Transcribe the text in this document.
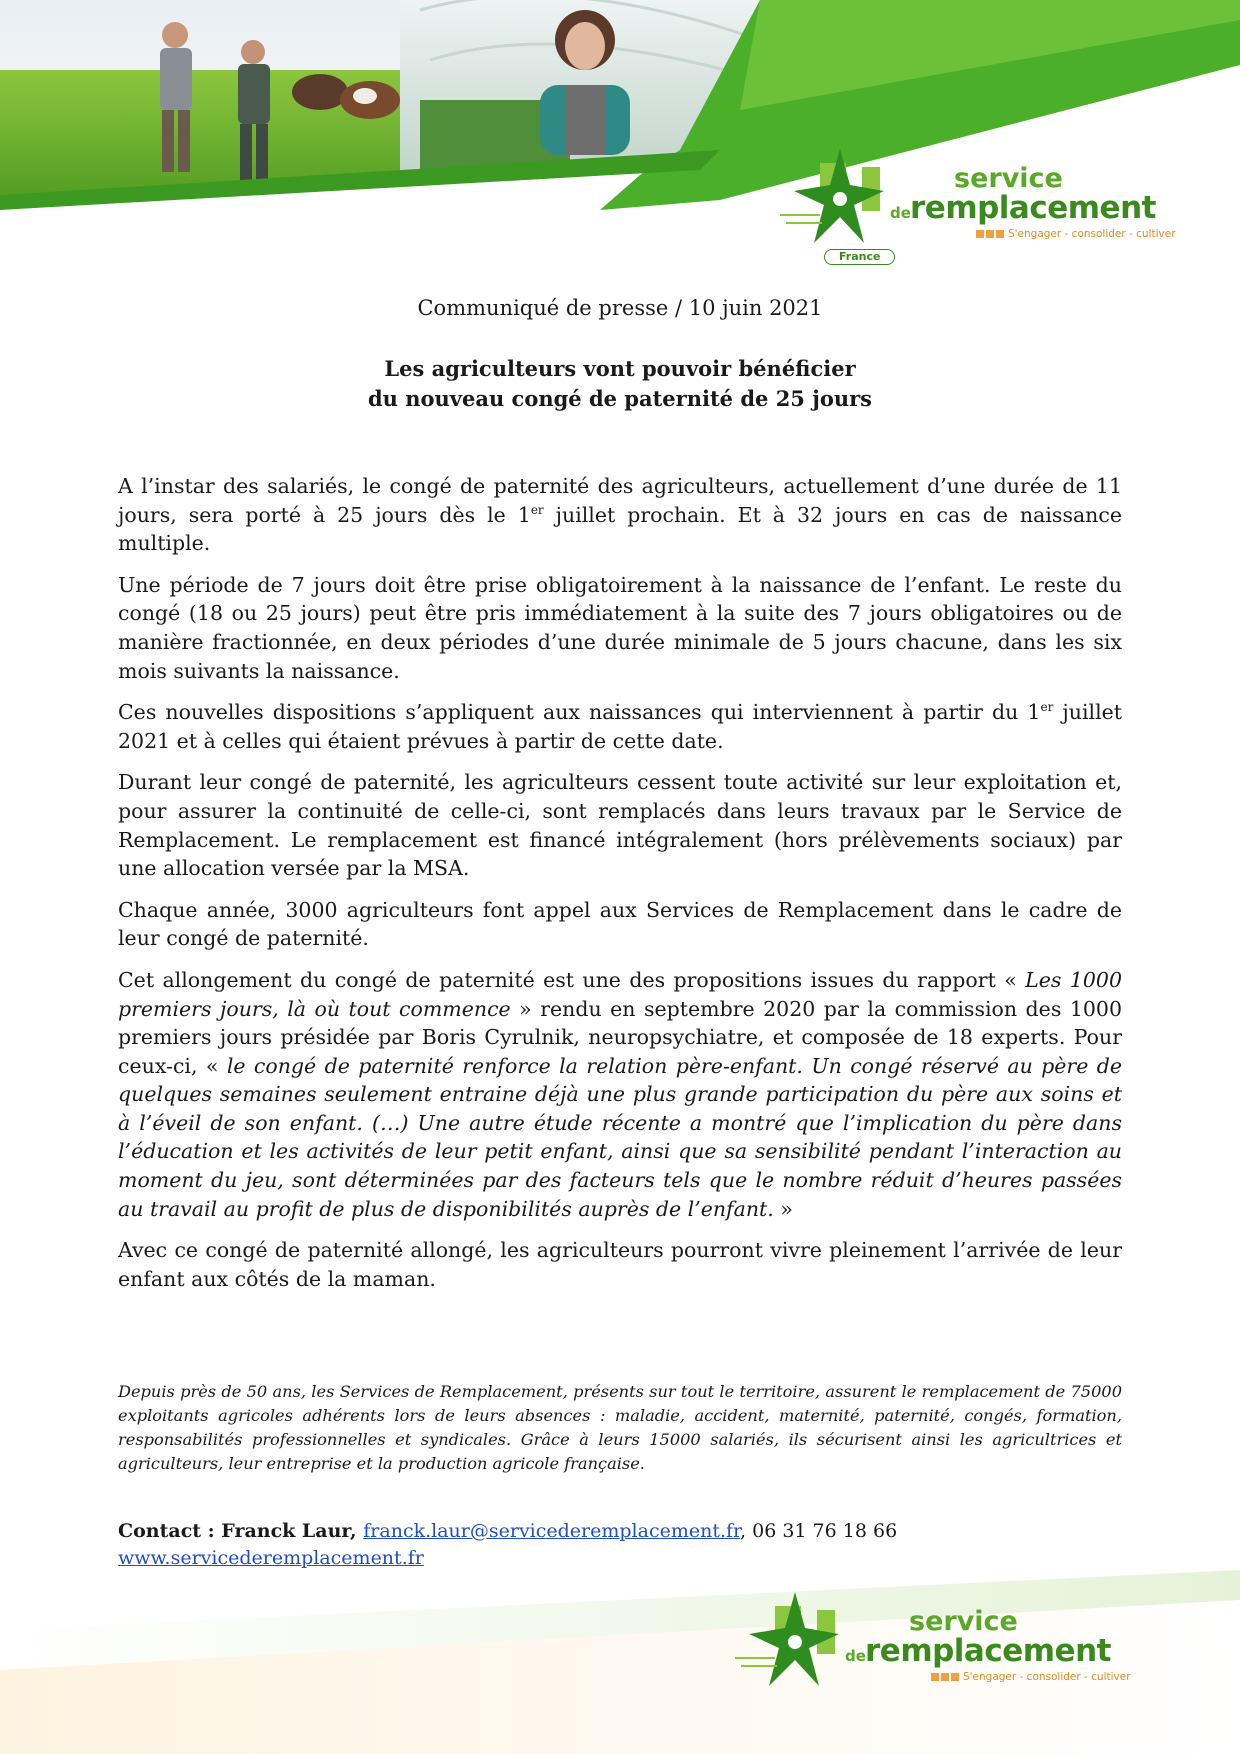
service
de remplacement
S'engager - consolider - cultiver
France
Communiqué de presse / 10 juin 2021
Les agriculteurs vont pouvoir bénéficier
du nouveau congé de paternité de 25 jours

A l’instar des salariés, le congé de paternité des agriculteurs, actuellement d’une durée de 11 jours, sera porté à 25 jours dès le 1er juillet prochain. Et à 32 jours en cas de naissance multiple.

Une période de 7 jours doit être prise obligatoirement à la naissance de l’enfant. Le reste du congé (18 ou 25 jours) peut être pris immédiatement à la suite des 7 jours obligatoires ou de manière fractionnée, en deux périodes d’une durée minimale de 5 jours chacune, dans les six mois suivants la naissance.

Ces nouvelles dispositions s’appliquent aux naissances qui interviennent à partir du 1er juillet 2021 et à celles qui étaient prévues à partir de cette date.

Durant leur congé de paternité, les agriculteurs cessent toute activité sur leur exploitation et, pour assurer la continuité de celle-ci, sont remplacés dans leurs travaux par le Service de Remplacement. Le remplacement est financé intégralement (hors prélèvements sociaux) par une allocation versée par la MSA.

Chaque année, 3000 agriculteurs font appel aux Services de Remplacement dans le cadre de leur congé de paternité.

Cet allongement du congé de paternité est une des propositions issues du rapport « Les 1000 premiers jours, là où tout commence » rendu en septembre 2020 par la commission des 1000 premiers jours présidée par Boris Cyrulnik, neuropsychiatre, et composée de 18 experts. Pour ceux-ci, « le congé de paternité renforce la relation père-enfant. Un congé réservé au père de quelques semaines seulement entraine déjà une plus grande participation du père aux soins et à l’éveil de son enfant. (…) Une autre étude récente a montré que l’implication du père dans l’éducation et les activités de leur petit enfant, ainsi que sa sensibilité pendant l’interaction au moment du jeu, sont déterminées par des facteurs tels que le nombre réduit d’heures passées au travail au profit de plus de disponibilités auprès de l’enfant. »

Avec ce congé de paternité allongé, les agriculteurs pourront vivre pleinement l’arrivée de leur enfant aux côtés de la maman.

Depuis près de 50 ans, les Services de Remplacement, présents sur tout le territoire, assurent le remplacement de 75000 exploitants agricoles adhérents lors de leurs absences : maladie, accident, maternité, paternité, congés, formation, responsabilités professionnelles et syndicales. Grâce à leurs 15000 salariés, ils sécurisent ainsi les agricultrices et agriculteurs, leur entreprise et la production agricole française.

Contact : Franck Laur, franck.laur@servicederemplacement.fr, 06 31 76 18 66
www.servicederemplacement.fr
service
de remplacement
S'engager - consolider - cultiver
